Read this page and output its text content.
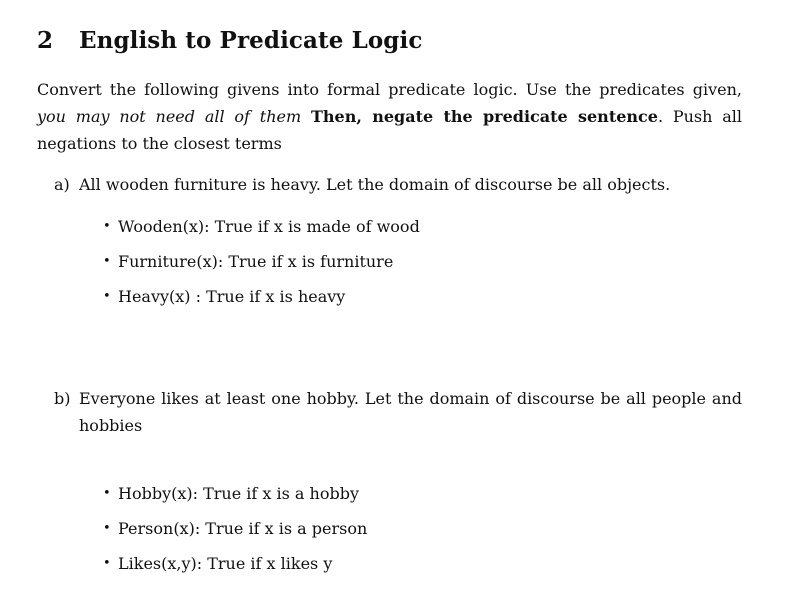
2 English to Predicate Logic

Convert the following givens into formal predicate logic. Use the predicates given, you may not need all of them Then, negate the predicate sentence. Push all negations to the closest terms

a) All wooden furniture is heavy. Let the domain of discourse be all objects.
• Wooden(x): True if x is made of wood
• Furniture(x): True if x is furniture
• Heavy(x) : True if x is heavy
b) Everyone likes at least one hobby. Let the domain of discourse be all people and hobbies
• Hobby(x): True if x is a hobby
• Person(x): True if x is a person
• Likes(x,y): True if x likes y
